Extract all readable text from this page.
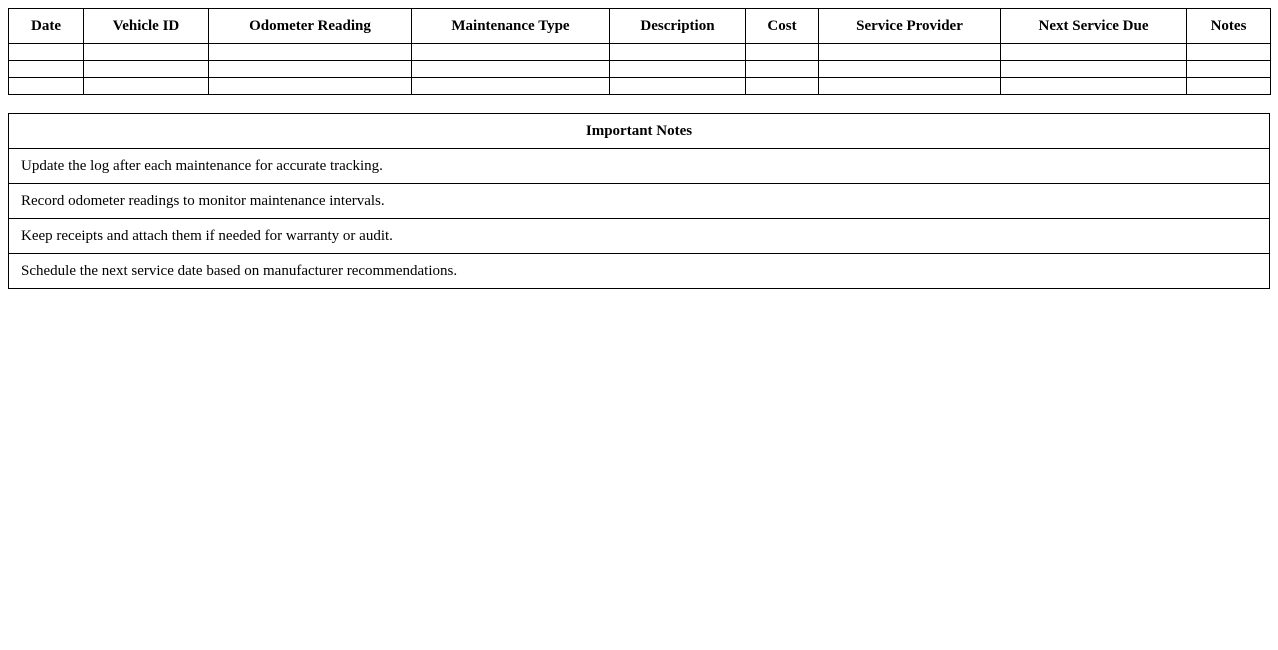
Date	Vehicle ID	Odometer Reading	Maintenance Type	Description	Cost	Service Provider	Next Service Due	Notes

Important Notes
Update the log after each maintenance for accurate tracking.
Record odometer readings to monitor maintenance intervals.
Keep receipts and attach them if needed for warranty or audit.
Schedule the next service date based on manufacturer recommendations.
